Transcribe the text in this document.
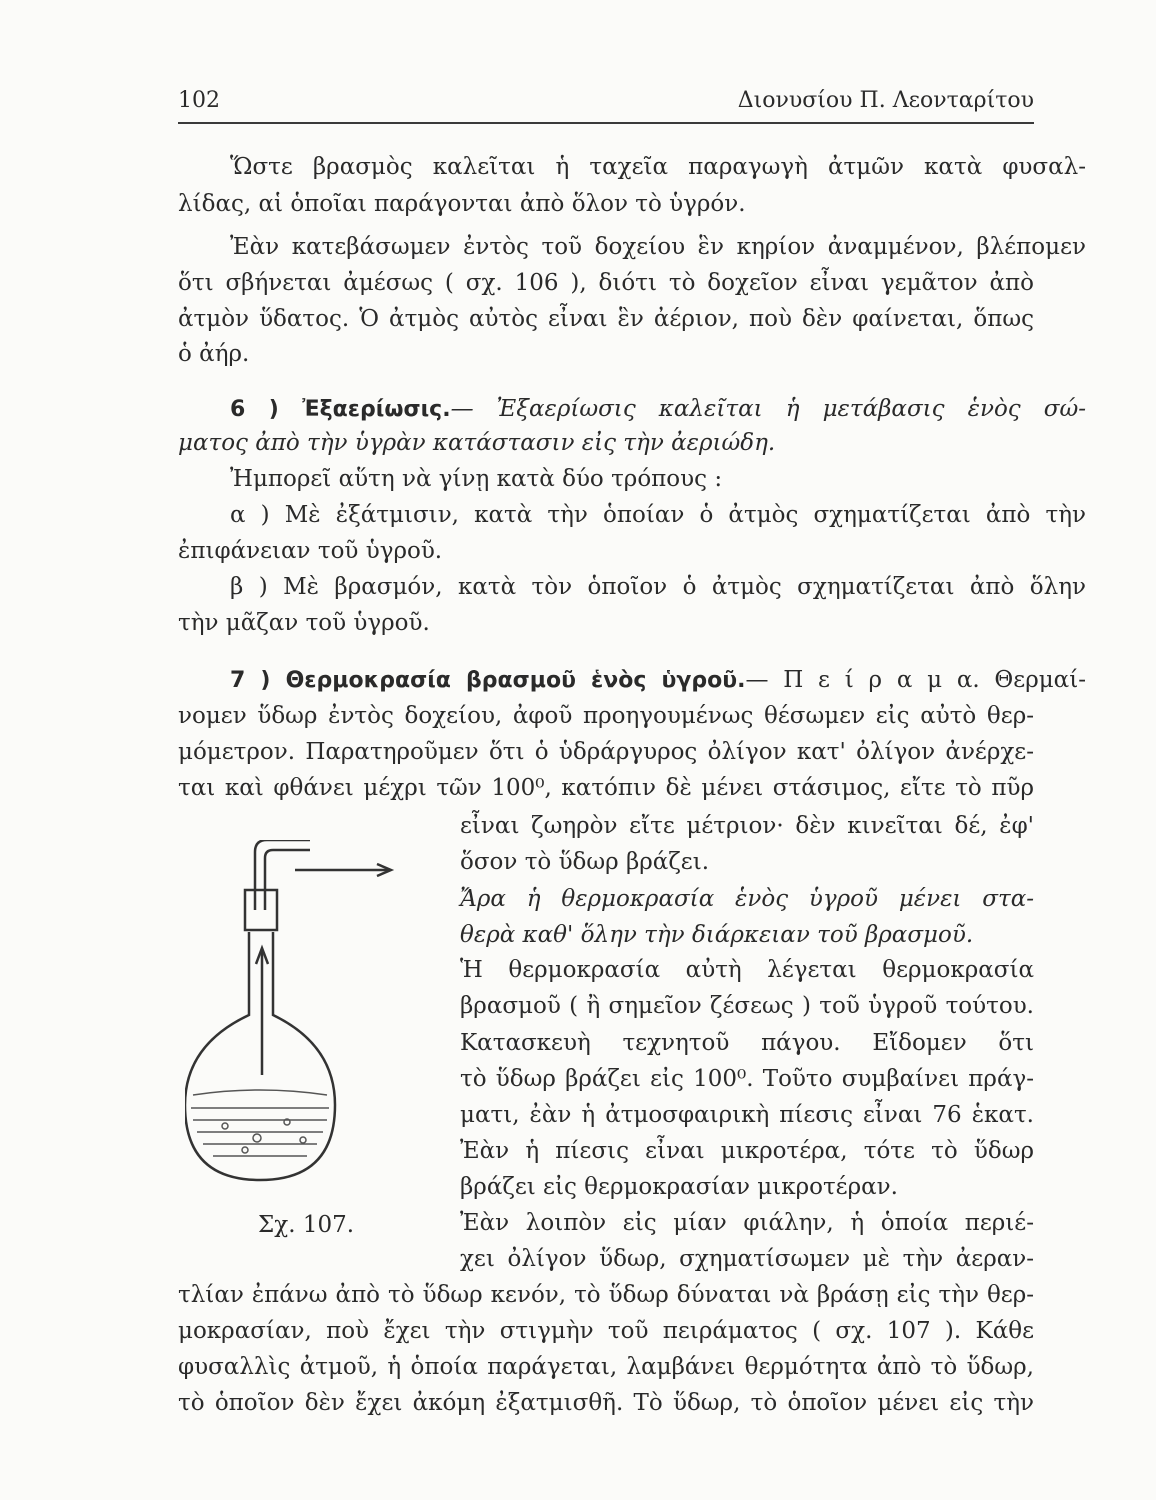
102	Διονυσίου Π. Λεονταρίτου
Ὥστε βρασμὸς καλεῖται ἡ ταχεῖα παραγωγὴ ἀτμῶν κατὰ φυσαλ-
λίδας, αἱ ὁποῖαι παράγονται ἀπὸ ὅλον τὸ ὑγρόν.
Ἐὰν κατεβάσωμεν ἐντὸς τοῦ δοχείου ἓν κηρίον ἀναμμένον, βλέπομεν
ὅτι σβήνεται ἀμέσως ( σχ. 106 ), διότι τὸ δοχεῖον εἶναι γεμᾶτον ἀπὸ
ἀτμὸν ὕδατος. Ὁ ἀτμὸς αὐτὸς εἶναι ἓν ἀέριον, ποὺ δὲν φαίνεται, ὅπως
ὁ ἀήρ.
6 ) Ἐξαερίωσις.— Ἐξαερίωσις καλεῖται ἡ μετάβασις ἑνὸς σώ-
ματος ἀπὸ τὴν ὑγρὰν κατάστασιν εἰς τὴν ἀεριώδη.
Ἠμπορεῖ αὕτη νὰ γίνῃ κατὰ δύο τρόπους :
α ) Μὲ ἐξάτμισιν, κατὰ τὴν ὁποίαν ὁ ἀτμὸς σχηματίζεται ἀπὸ τὴν
ἐπιφάνειαν τοῦ ὑγροῦ.
β ) Μὲ βρασμόν, κατὰ τὸν ὁποῖον ὁ ἀτμὸς σχηματίζεται ἀπὸ ὅλην
τὴν μᾶζαν τοῦ ὑγροῦ.
7 ) Θερμοκρασία βρασμοῦ ἑνὸς ὑγροῦ.— Π ε ί ρ α μ α. Θερμαί-
νομεν ὕδωρ ἐντὸς δοχείου, ἀφοῦ προηγουμένως θέσωμεν εἰς αὐτὸ θερ-
μόμετρον. Παρατηροῦμεν ὅτι ὁ ὑδράργυρος ὀλίγον κατ' ὀλίγον ἀνέρχε-
ται καὶ φθάνει μέχρι τῶν 100⁰, κατόπιν δὲ μένει στάσιμος, εἴτε τὸ πῦρ
εἶναι ζωηρὸν εἴτε μέτριον· δὲν κινεῖται δέ, ἐφ'
ὅσον τὸ ὕδωρ βράζει.
Ἄρα ἡ θερμοκρασία ἑνὸς ὑγροῦ μένει στα-
θερὰ καθ' ὅλην τὴν διάρκειαν τοῦ βρασμοῦ.
Ἡ θερμοκρασία αὐτὴ λέγεται θερμοκρασία
βρασμοῦ ( ἢ σημεῖον ζέσεως ) τοῦ ὑγροῦ τούτου.
Κατασκευὴ τεχνητοῦ πάγου. Εἴδομεν ὅτι
τὸ ὕδωρ βράζει εἰς 100⁰. Τοῦτο συμβαίνει πράγ-
ματι, ἐὰν ἡ ἀτμοσφαιρικὴ πίεσις εἶναι 76 ἑκατ.
Ἐὰν ἡ πίεσις εἶναι μικροτέρα, τότε τὸ ὕδωρ
βράζει εἰς θερμοκρασίαν μικροτέραν.
Ἐὰν λοιπὸν εἰς μίαν φιάλην, ἡ ὁποία περιέ-
χει ὀλίγον ὕδωρ, σχηματίσωμεν μὲ τὴν ἀεραν-
τλίαν ἐπάνω ἀπὸ τὸ ὕδωρ κενόν, τὸ ὕδωρ δύναται νὰ βράσῃ εἰς τὴν θερ-
μοκρασίαν, ποὺ ἔχει τὴν στιγμὴν τοῦ πειράματος ( σχ. 107 ). Κάθε
φυσαλλὶς ἀτμοῦ, ἡ ὁποία παράγεται, λαμβάνει θερμότητα ἀπὸ τὸ ὕδωρ,
τὸ ὁποῖον δὲν ἔχει ἀκόμη ἐξατμισθῆ. Τὸ ὕδωρ, τὸ ὁποῖον μένει εἰς τὴν
Σχ. 107.
